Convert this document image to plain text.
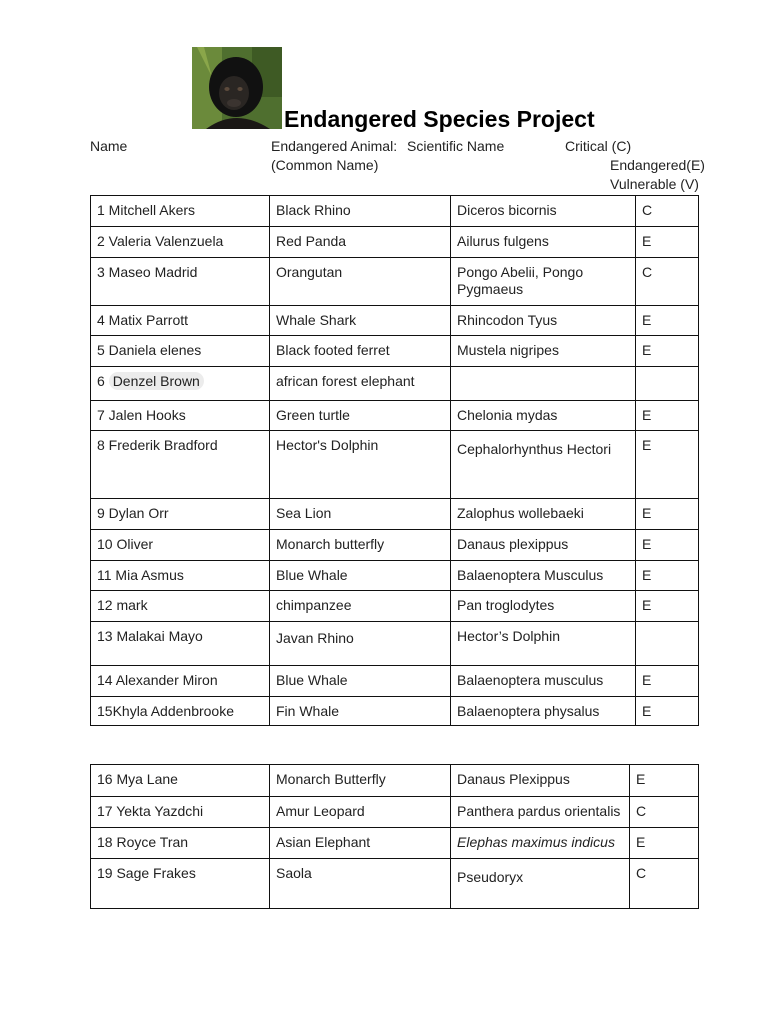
Endangered Species Project
Name	Endangered Animal:
(Common Name)
Scientific Name	Critical (C)
Endangered(E)
Vulnerable (V)
1 Mitchell Akers	Black Rhino	Diceros bicornis	C
2 Valeria Valenzuela	Red Panda	Ailurus fulgens	E
3 Maseo Madrid	Orangutan	Pongo Abelii, Pongo Pygmaeus	C
4 Matix Parrott	Whale Shark	Rhincodon Tyus	E
5 Daniela elenes	Black footed ferret	Mustela nigripes	E
6 Denzel Brown	african forest elephant		
7 Jalen Hooks	Green turtle	Chelonia mydas	E
8 Frederik Bradford	Hector's Dolphin	Cephalorhynthus Hectori	E
9 Dylan Orr	Sea Lion	Zalophus wollebaeki	E
10 Oliver	Monarch butterfly	Danaus plexippus	E
11 Mia Asmus	Blue Whale	Balaenoptera Musculus	E
12 mark	chimpanzee	Pan troglodytes	E
13 Malakai Mayo	Javan Rhino	Hector’s Dolphin	
14 Alexander Miron	Blue Whale	Balaenoptera musculus	E
15Khyla Addenbrooke	Fin Whale	Balaenoptera physalus	E
16 Mya Lane	Monarch Butterfly	Danaus Plexippus	E
17 Yekta Yazdchi	Amur Leopard	Panthera pardus orientalis	C
18 Royce Tran	Asian Elephant	Elephas maximus indicus	E
19 Sage Frakes	Saola	Pseudoryx	C
